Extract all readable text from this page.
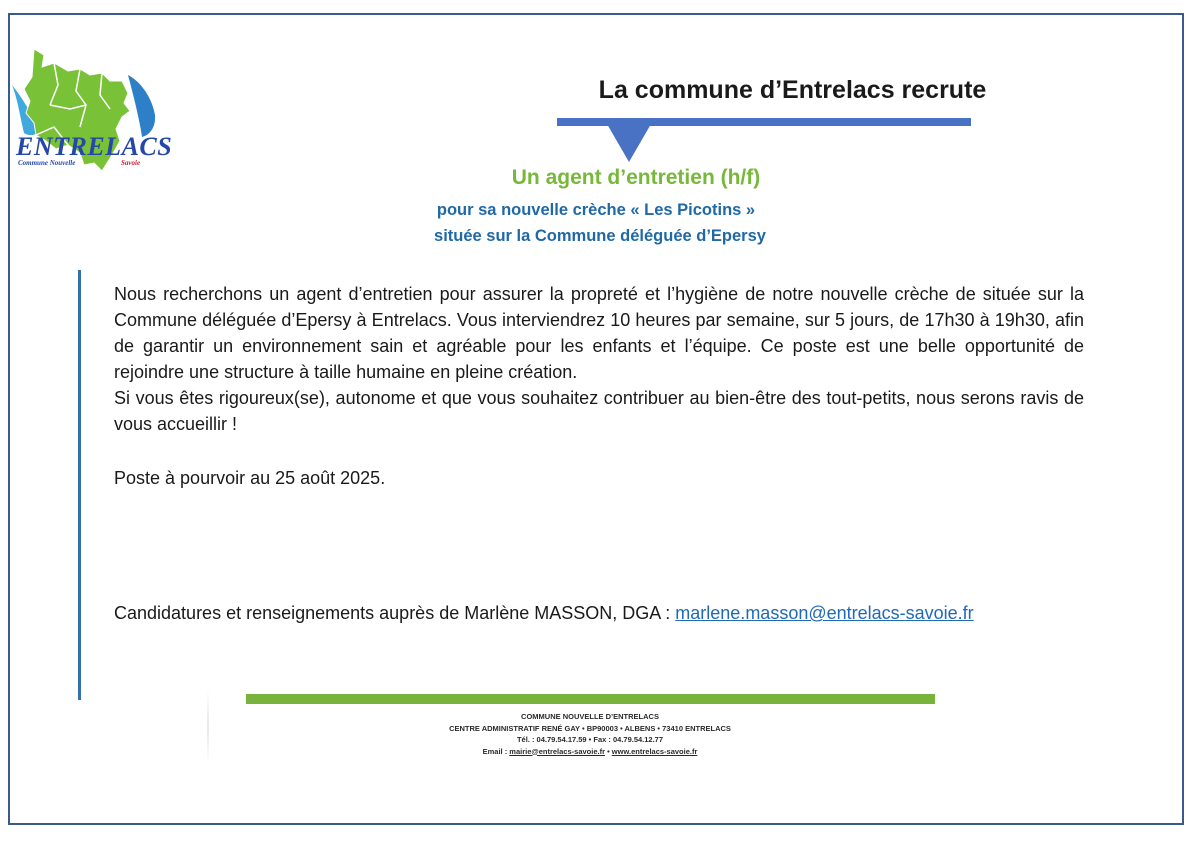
ENTRELACS
Commune Nouvelle	Savoie
La commune d’Entrelacs recrute
Un agent d’entretien (h/f)
pour sa nouvelle crèche « Les Picotins »
située sur la Commune déléguée d’Epersy

Nous recherchons un agent d’entretien pour assurer la propreté et l’hygiène de notre nouvelle crèche de située sur la Commune déléguée d’Epersy à Entrelacs. Vous interviendrez 10 heures par semaine, sur 5 jours, de 17h30 à 19h30, afin de garantir un environnement sain et agréable pour les enfants et l’équipe. Ce poste est une belle opportunité de rejoindre une structure à taille humaine en pleine création.

Si vous êtes rigoureux(se), autonome et que vous souhaitez contribuer au bien-être des tout-petits, nous serons ravis de vous accueillir !

Poste à pourvoir au 25 août 2025.
Candidatures et renseignements auprès de Marlène MASSON, DGA : marlene.masson@entrelacs-savoie.fr
COMMUNE NOUVELLE D’ENTRELACS
CENTRE ADMINISTRATIF RENÉ GAY • BP90003 • ALBENS • 73410 ENTRELACS
Tél. : 04.79.54.17.59 • Fax : 04.79.54.12.77
Email : mairie@entrelacs-savoie.fr • www.entrelacs-savoie.fr
